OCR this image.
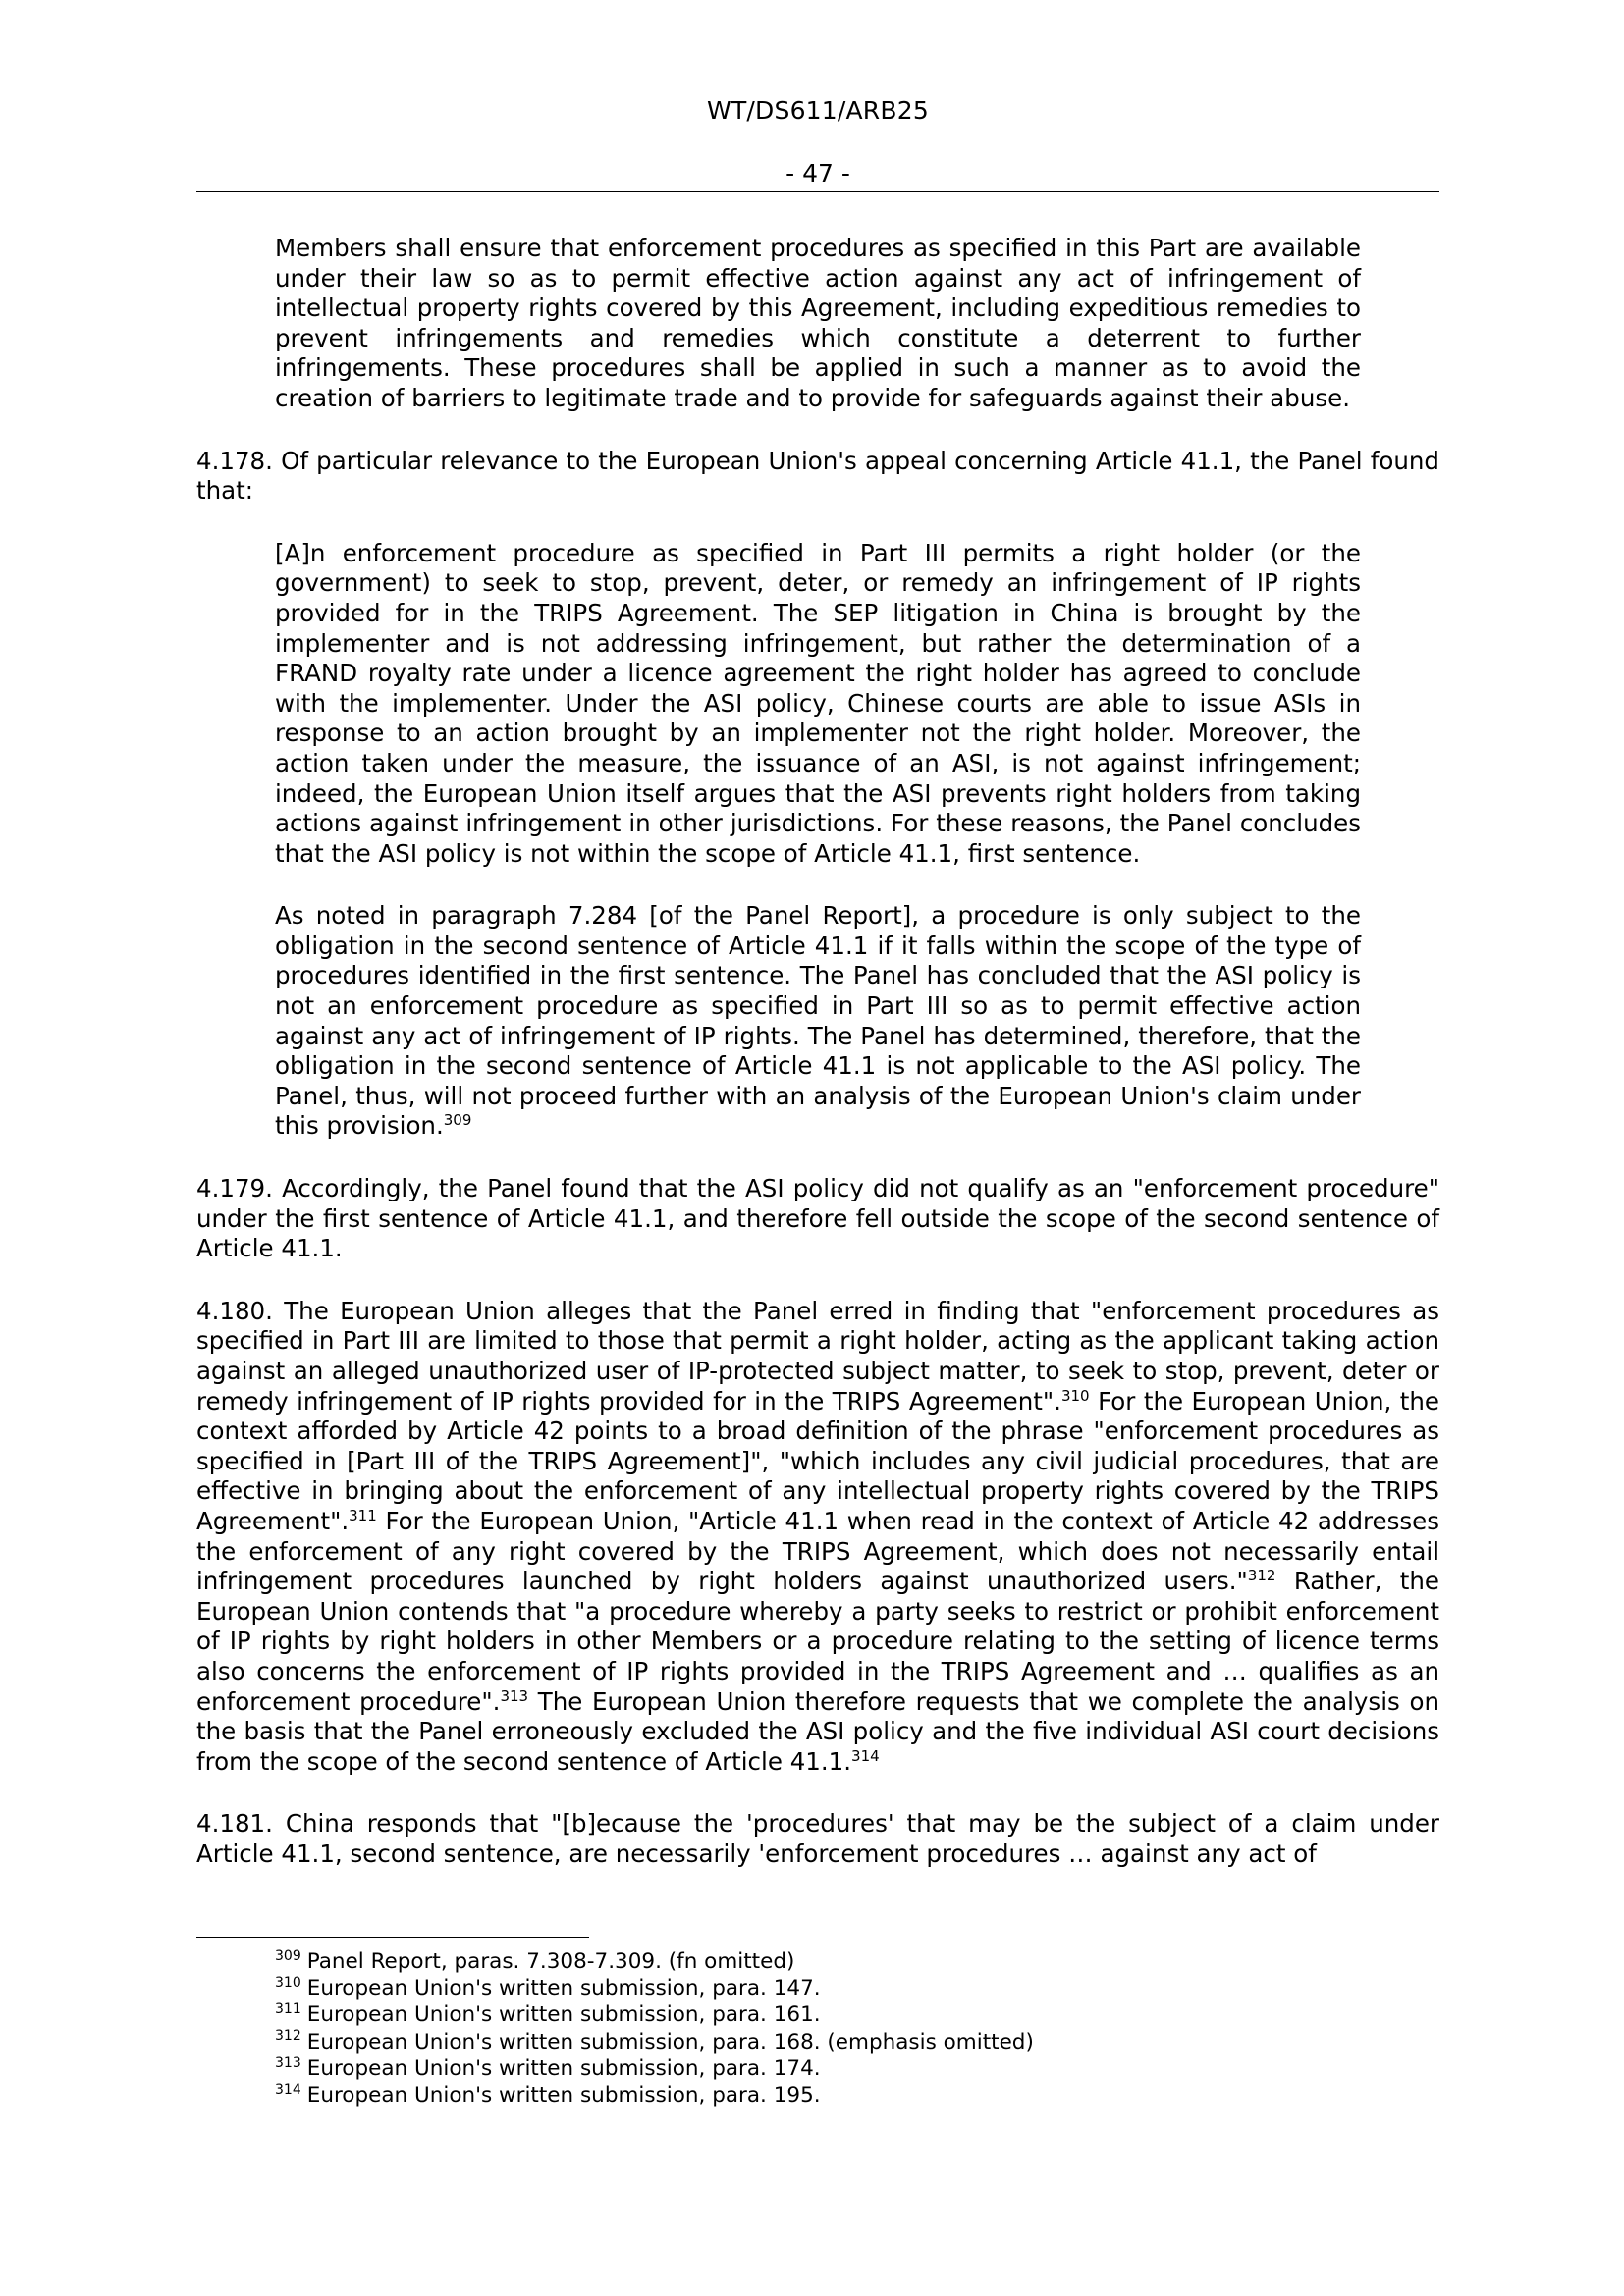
WT/DS611/ARB25
- 47 -

Members shall ensure that enforcement procedures as specified in this Part are available under their law so as to permit effective action against any act of infringement of intellectual property rights covered by this Agreement, including expeditious remedies to prevent infringements and remedies which constitute a deterrent to further infringements. These procedures shall be applied in such a manner as to avoid the creation of barriers to legitimate trade and to provide for safeguards against their abuse.

4.178. Of particular relevance to the European Union's appeal concerning Article 41.1, the Panel found that:

[A]n enforcement procedure as specified in Part III permits a right holder (or the government) to seek to stop, prevent, deter, or remedy an infringement of IP rights provided for in the TRIPS Agreement. The SEP litigation in China is brought by the implementer and is not addressing infringement, but rather the determination of a FRAND royalty rate under a licence agreement the right holder has agreed to conclude with the implementer. Under the ASI policy, Chinese courts are able to issue ASIs in response to an action brought by an implementer not the right holder. Moreover, the action taken under the measure, the issuance of an ASI, is not against infringement; indeed, the European Union itself argues that the ASI prevents right holders from taking actions against infringement in other jurisdictions. For these reasons, the Panel concludes that the ASI policy is not within the scope of Article 41.1, first sentence.

As noted in paragraph 7.284 [of the Panel Report], a procedure is only subject to the obligation in the second sentence of Article 41.1 if it falls within the scope of the type of procedures identified in the first sentence. The Panel has concluded that the ASI policy is not an enforcement procedure as specified in Part III so as to permit effective action against any act of infringement of IP rights. The Panel has determined, therefore, that the obligation in the second sentence of Article 41.1 is not applicable to the ASI policy. The Panel, thus, will not proceed further with an analysis of the European Union's claim under this provision.$^{309}$

4.179. Accordingly, the Panel found that the ASI policy did not qualify as an "enforcement procedure" under the first sentence of Article 41.1, and therefore fell outside the scope of the second sentence of Article 41.1.

4.180. The European Union alleges that the Panel erred in finding that "enforcement procedures as specified in Part III are limited to those that permit a right holder, acting as the applicant taking action against an alleged unauthorized user of IP-protected subject matter, to seek to stop, prevent, deter or remedy infringement of IP rights provided for in the TRIPS Agreement".$^{310}$ For the European Union, the context afforded by Article 42 points to a broad definition of the phrase "enforcement procedures as specified in [Part III of the TRIPS Agreement]", "which includes any civil judicial procedures, that are effective in bringing about the enforcement of any intellectual property rights covered by the TRIPS Agreement".$^{311}$ For the European Union, "Article 41.1 when read in the context of Article 42 addresses the enforcement of any right covered by the TRIPS Agreement, which does not necessarily entail infringement procedures launched by right holders against unauthorized users."$^{312}$ Rather, the European Union contends that "a procedure whereby a party seeks to restrict or prohibit enforcement of IP rights by right holders in other Members or a procedure relating to the setting of licence terms also concerns the enforcement of IP rights provided in the TRIPS Agreement and … qualifies as an enforcement procedure".$^{313}$ The European Union therefore requests that we complete the analysis on the basis that the Panel erroneously excluded the ASI policy and the five individual ASI court decisions from the scope of the second sentence of Article 41.1.$^{314}$

4.181. China responds that "[b]ecause the 'procedures' that may be the subject of a claim under Article 41.1, second sentence, are necessarily 'enforcement procedures … against any act of

$^{309}$ Panel Report, paras. 7.308-7.309. (fn omitted)
$^{310}$ European Union's written submission, para. 147.
$^{311}$ European Union's written submission, para. 161.
$^{312}$ European Union's written submission, para. 168. (emphasis omitted)
$^{313}$ European Union's written submission, para. 174.
$^{314}$ European Union's written submission, para. 195.
